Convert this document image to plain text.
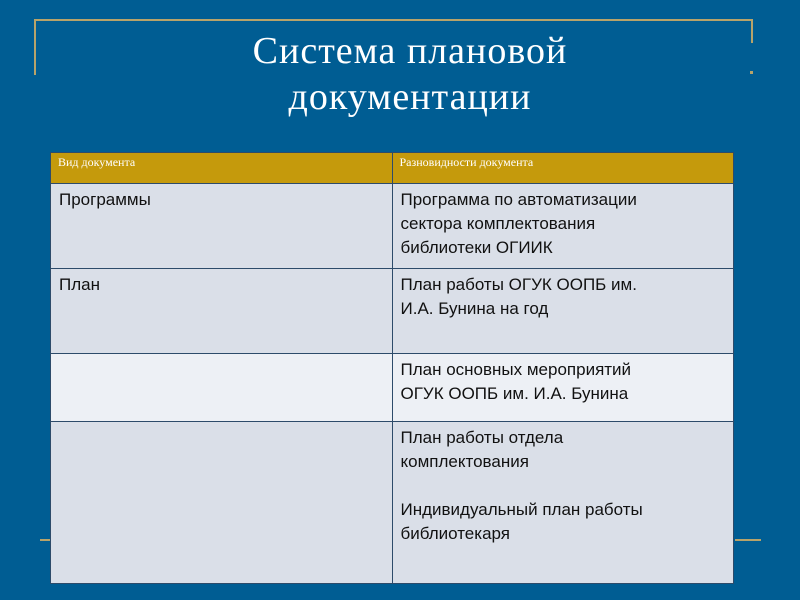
Система плановой
документации
Вид документа	Разновидности документа
Программы	Программа по автоматизации
сектора комплектования
библиотеки ОГИИК

План	План работы ОГУК ООПБ им.
И.А. Бунина на год

	План основных мероприятий
ОГУК ООПБ им. И.А. Бунина

	План работы отдела
комплектования
Индивидуальный план работы
библиотекаря
